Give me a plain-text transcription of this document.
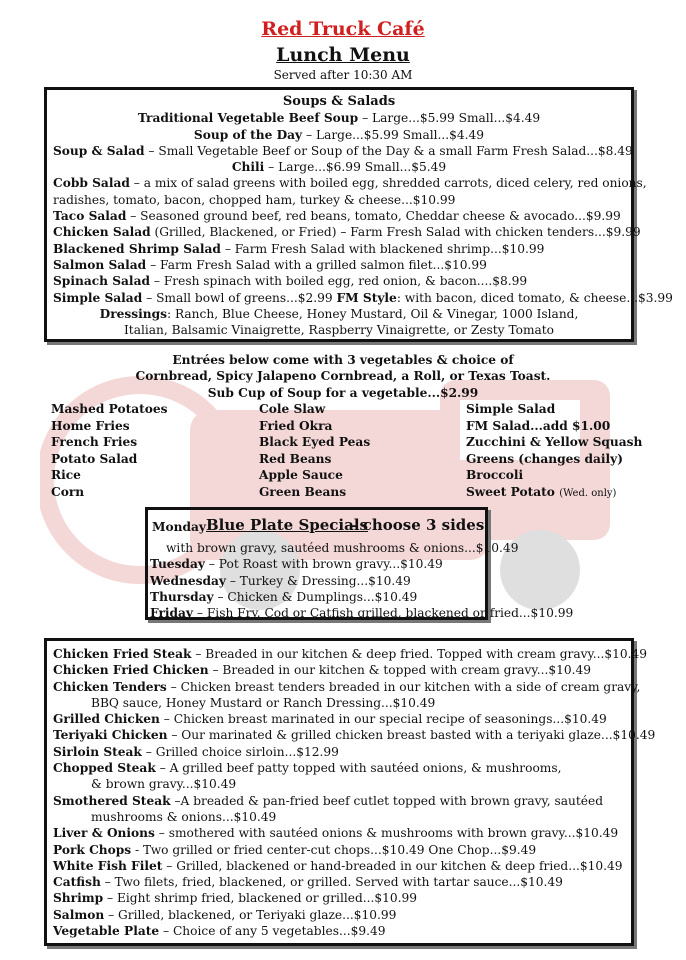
Red Truck Café
Lunch Menu
Served after 10:30 AM
Soups & Salads
Traditional Vegetable Beef Soup – Large...$5.99 Small...$4.49
Soup of the Day – Large...$5.99 Small...$4.49
Soup & Salad – Small Vegetable Beef or Soup of the Day & a small Farm Fresh Salad...$8.49
Chili – Large...$6.99 Small...$5.49
Cobb Salad – a mix of salad greens with boiled egg, shredded carrots, diced celery, red onions,
radishes, tomato, bacon, chopped ham, turkey & cheese...$10.99
Taco Salad – Seasoned ground beef, red beans, tomato, Cheddar cheese & avocado...$9.99
Chicken Salad (Grilled, Blackened, or Fried) – Farm Fresh Salad with chicken tenders...$9.99
Blackened Shrimp Salad – Farm Fresh Salad with blackened shrimp...$10.99
Salmon Salad – Farm Fresh Salad with a grilled salmon filet...$10.99
Spinach Salad – Fresh spinach with boiled egg, red onion, & bacon....$8.99
Simple Salad – Small bowl of greens...$2.99 FM Style: with bacon, diced tomato, & cheese...$3.99
Dressings: Ranch, Blue Cheese, Honey Mustard, Oil & Vinegar, 1000 Island,
Italian, Balsamic Vinaigrette, Raspberry Vinaigrette, or Zesty Tomato
Entrées below come with 3 vegetables & choice of
Cornbread, Spicy Jalapeno Cornbread, a Roll, or Texas Toast.
Sub Cup of Soup for a vegetable...$2.99
Mashed Potatoes
Home Fries
French Fries
Potato Salad
Rice
Corn
Cole Slaw
Fried Okra
Black Eyed Peas
Red Beans
Apple Sauce
Green Beans
Simple Salad
FM Salad...add $1.00
Zucchini & Yellow Squash
Greens (changes daily)
Broccoli
Sweet Potato (Wed. only)
Monday Blue Plate Specials
– choose 3 sides
with brown gravy, sautéed mushrooms & onions...$10.49
Tuesday – Pot Roast with brown gravy...$10.49
Wednesday – Turkey & Dressing...$10.49
Thursday – Chicken & Dumplings...$10.49
Friday – Fish Fry. Cod or Catfish grilled, blackened or fried...$10.99
Chicken Fried Steak – Breaded in our kitchen & deep fried. Topped with cream gravy...$10.49
Chicken Fried Chicken – Breaded in our kitchen & topped with cream gravy...$10.49
Chicken Tenders – Chicken breast tenders breaded in our kitchen with a side of cream gravy,
BBQ sauce, Honey Mustard or Ranch Dressing...$10.49
Grilled Chicken – Chicken breast marinated in our special recipe of seasonings...$10.49
Teriyaki Chicken – Our marinated & grilled chicken breast basted with a teriyaki glaze...$10.49
Sirloin Steak – Grilled choice sirloin...$12.99
Chopped Steak – A grilled beef patty topped with sautéed onions, & mushrooms,
& brown gravy...$10.49
Smothered Steak –A breaded & pan-fried beef cutlet topped with brown gravy, sautéed
mushrooms & onions...$10.49
Liver & Onions – smothered with sautéed onions & mushrooms with brown gravy...$10.49
Pork Chops - Two grilled or fried center-cut chops...$10.49 One Chop...$9.49
White Fish Filet – Grilled, blackened or hand-breaded in our kitchen & deep fried...$10.49
Catfish – Two filets, fried, blackened, or grilled. Served with tartar sauce...$10.49
Shrimp – Eight shrimp fried, blackened or grilled...$10.99
Salmon – Grilled, blackened, or Teriyaki glaze...$10.99
Vegetable Plate – Choice of any 5 vegetables...$9.49
